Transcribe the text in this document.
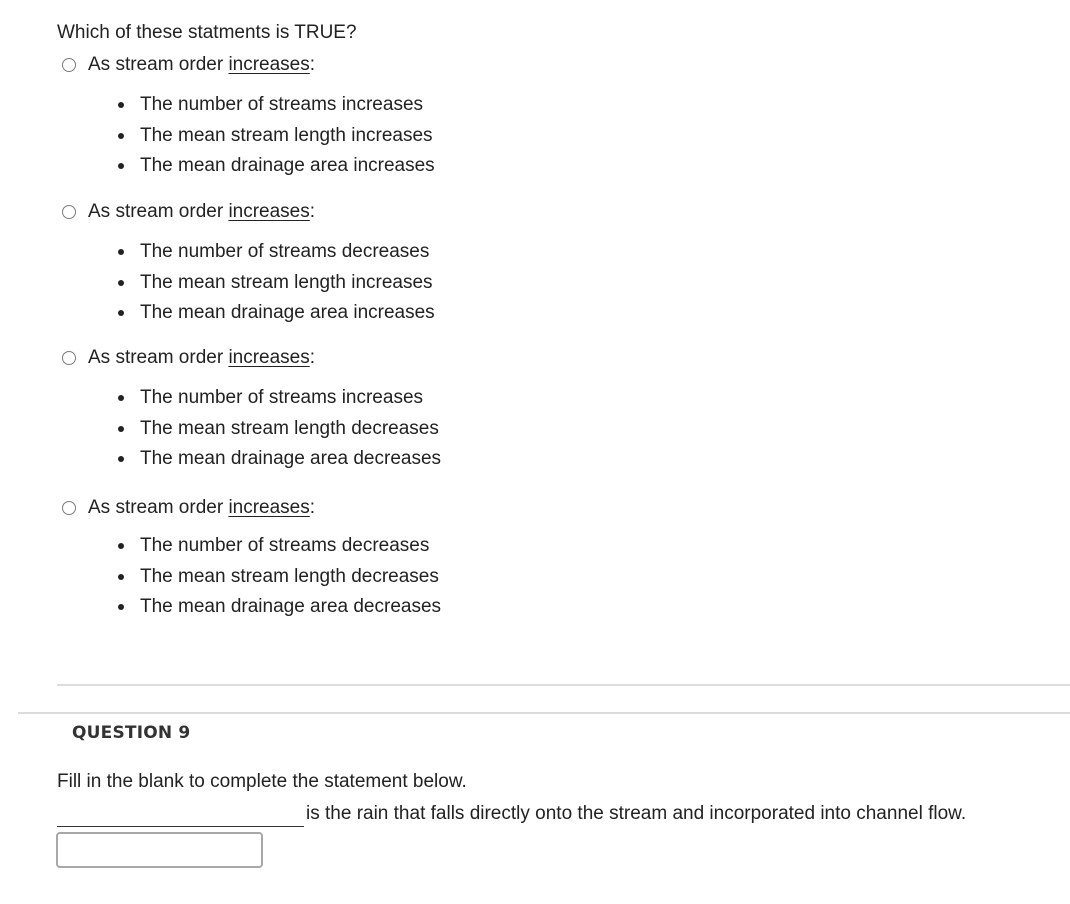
Which of these statments is TRUE?

As stream order increases:
The number of streams increases
The mean stream length increases
The mean drainage area increases
As stream order increases:
The number of streams decreases
The mean stream length increases
The mean drainage area increases
As stream order increases:
The number of streams increases
The mean stream length decreases
The mean drainage area decreases
As stream order increases:
The number of streams decreases
The mean stream length decreases
The mean drainage area decreases
QUESTION 9
Fill in the blank to complete the statement below.
is the rain that falls directly onto the stream and incorporated into channel flow.
